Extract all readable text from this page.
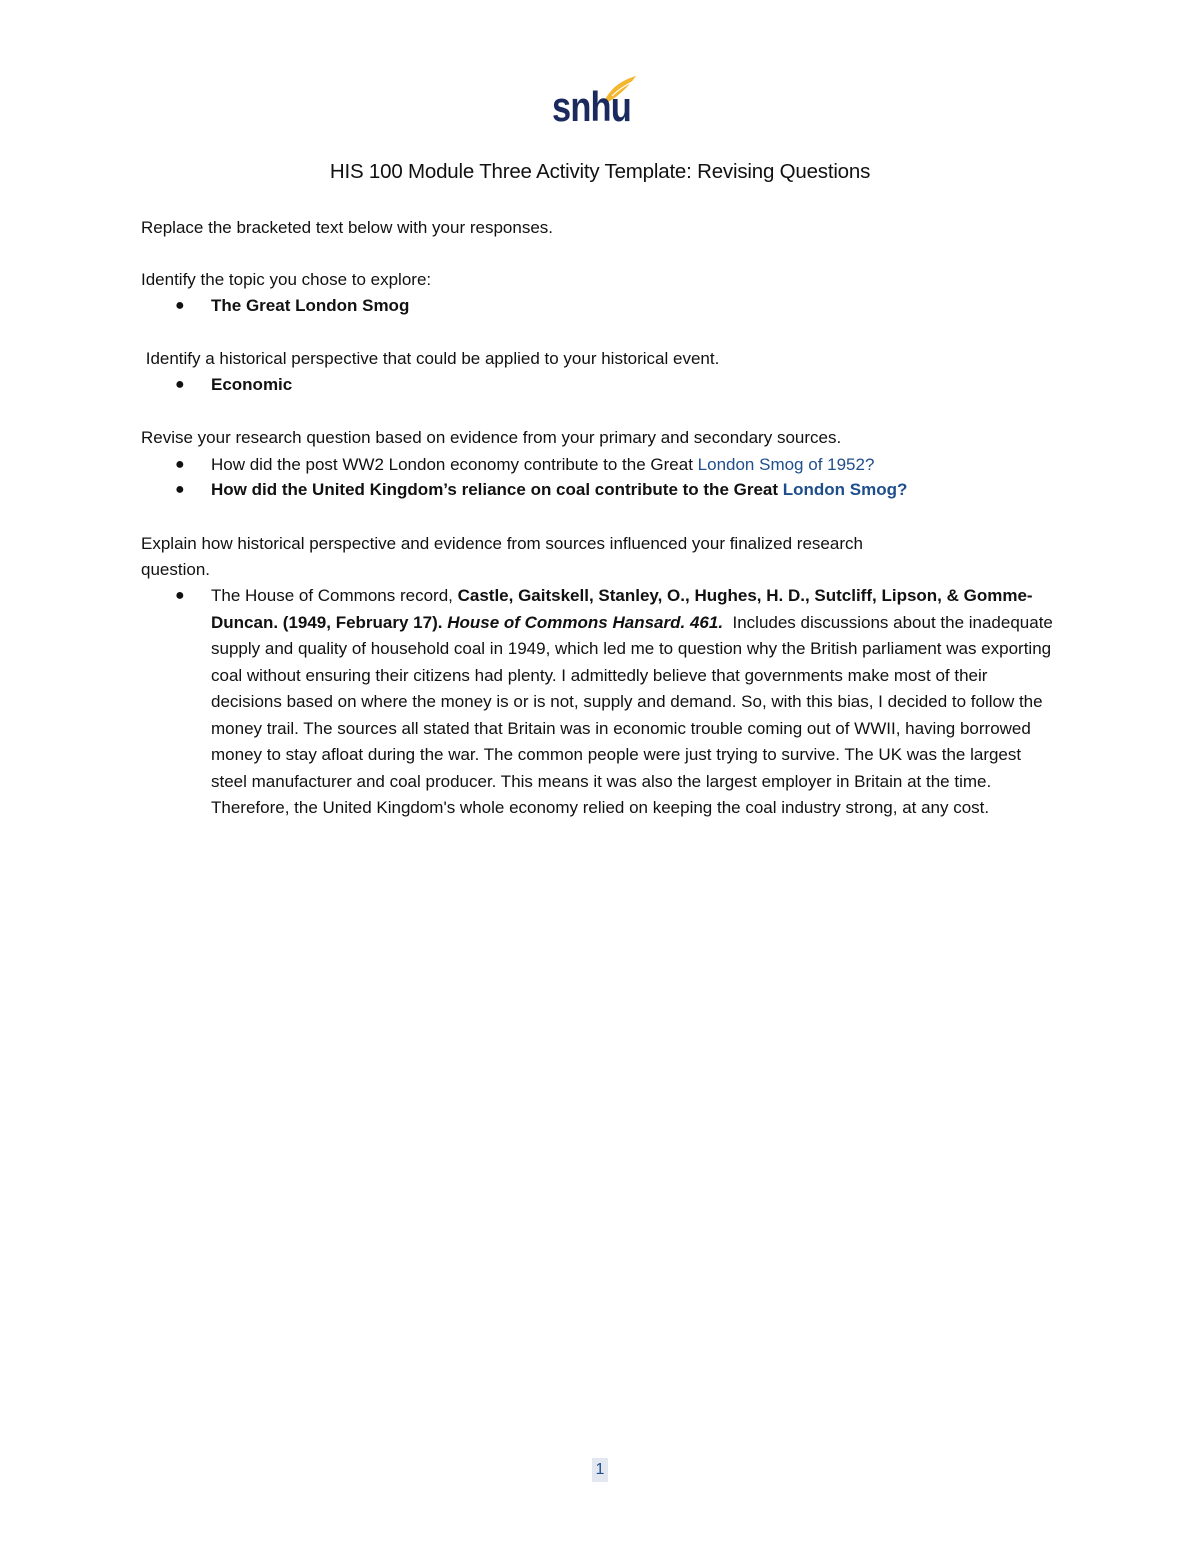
snhu
HIS 100 Module Three Activity Template: Revising Questions
Replace the bracketed text below with your responses.
Identify the topic you chose to explore:
● The Great London Smog
Identify a historical perspective that could be applied to your historical event.
● Economic
Revise your research question based on evidence from your primary and secondary sources.
● How did the post WW2 London economy contribute to the Great London Smog of 1952?
● How did the United Kingdom’s reliance on coal contribute to the Great London Smog?
Explain how historical perspective and evidence from sources influenced your finalized research
question.
● The House of Commons record, Castle, Gaitskell, Stanley, O., Hughes, H. D., Sutcliff, Lipson, & Gomme-Duncan. (1949, February 17). House of Commons Hansard. 461.  Includes discussions about the inadequate supply and quality of household coal in 1949, which led me to question why the British parliament was exporting coal without ensuring their citizens had plenty. I admittedly believe that governments make most of their decisions based on where the money is or is not, supply and demand. So, with this bias, I decided to follow the money trail. The sources all stated that Britain was in economic trouble coming out of WWII, having borrowed money to stay afloat during the war. The common people were just trying to survive. The UK was the largest steel manufacturer and coal producer. This means it was also the largest employer in Britain at the time. Therefore, the United Kingdom's whole economy relied on keeping the coal industry strong, at any cost.
1
